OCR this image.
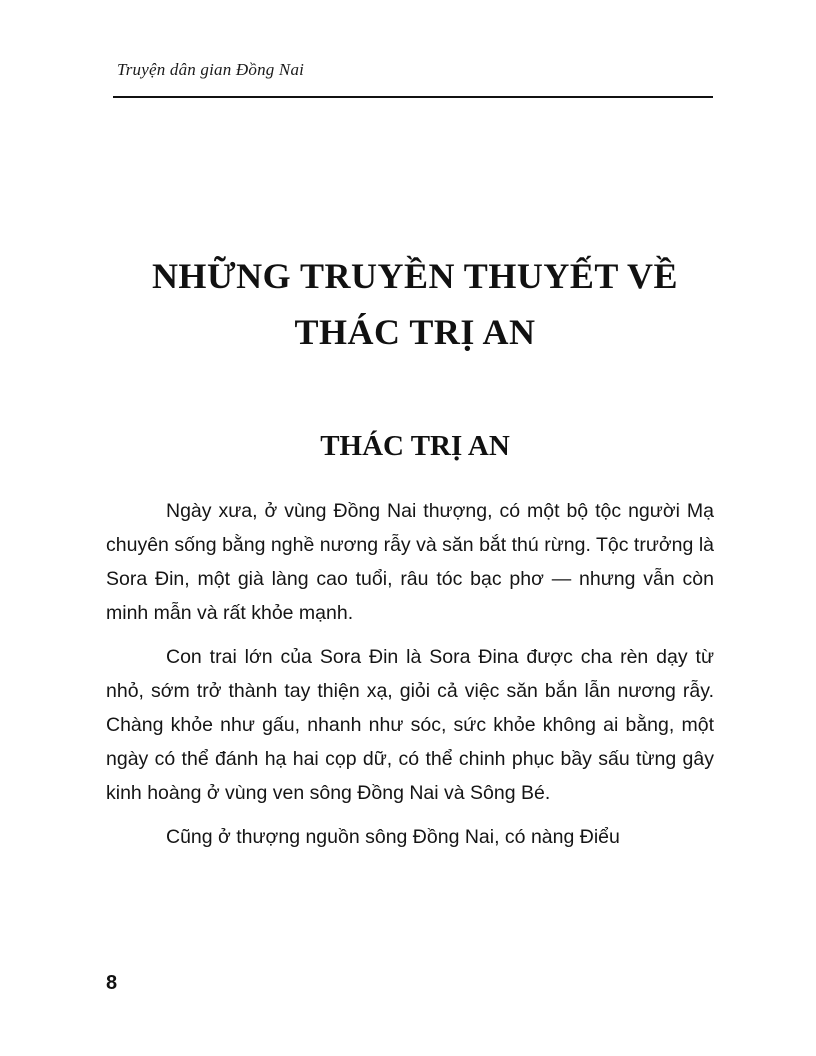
Truyện dân gian Đồng Nai
NHỮNG TRUYỀN THUYẾT VỀ
THÁC TRỊ AN
THÁC TRỊ AN

Ngày xưa, ở vùng Đồng Nai thượng, có một bộ tộc người Mạ chuyên sống bằng nghề nương rẫy và săn bắt thú rừng. Tộc trưởng là Sora Đin, một già làng cao tuổi, râu tóc bạc phơ — nhưng vẫn còn minh mẫn và rất khỏe mạnh.

Con trai lớn của Sora Đin là Sora Đina được cha rèn dạy từ nhỏ, sớm trở thành tay thiện xạ, giỏi cả việc săn bắn lẫn nương rẫy. Chàng khỏe như gấu, nhanh như sóc, sức khỏe không ai bằng, một ngày có thể đánh hạ hai cọp dữ, có thể chinh phục bầy sấu từng gây kinh hoàng ở vùng ven sông Đồng Nai và Sông Bé.

Cũng ở thượng nguồn sông Đồng Nai, có nàng Điểu

8
